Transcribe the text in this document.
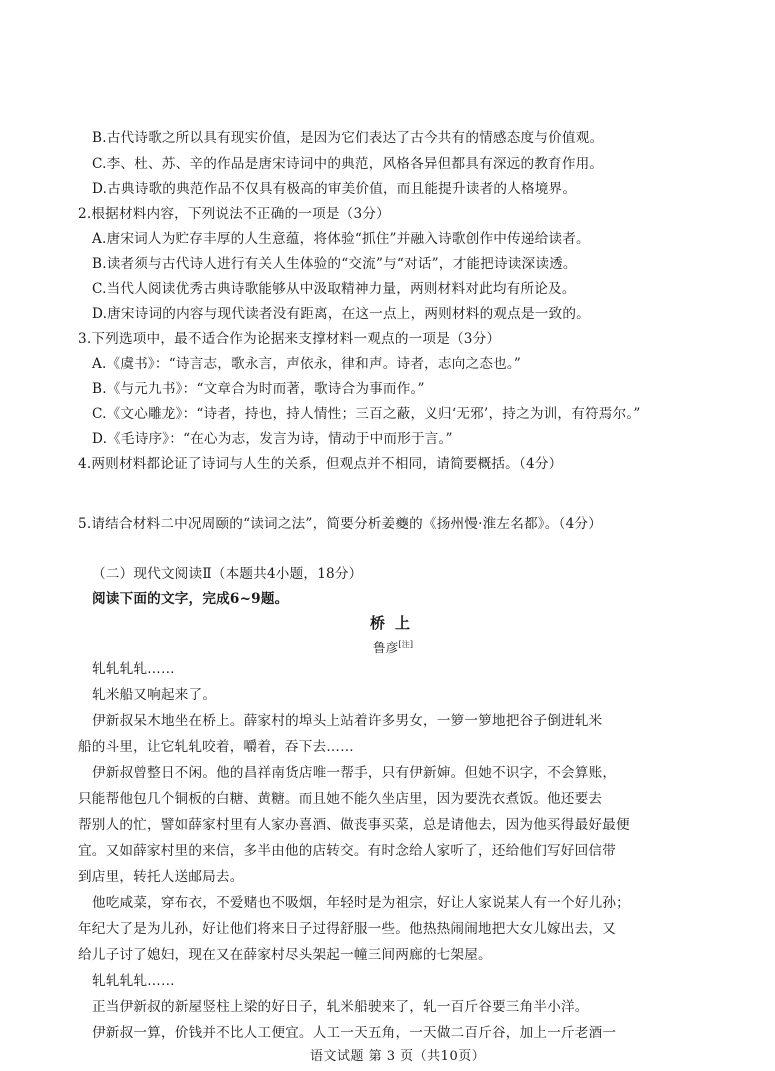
B.古代诗歌之所以具有现实价值，是因为它们表达了古今共有的情感态度与价值观。
C.李、杜、苏、辛的作品是唐宋诗词中的典范，风格各异但都具有深远的教育作用。
D.古典诗歌的典范作品不仅具有极高的审美价值，而且能提升读者的人格境界。
2.根据材料内容，下列说法不正确的一项是（3分）
A.唐宋词人为贮存丰厚的人生意蕴，将体验“抓住”并融入诗歌创作中传递给读者。
B.读者须与古代诗人进行有关人生体验的“交流”与“对话”，才能把诗读深读透。
C.当代人阅读优秀古典诗歌能够从中汲取精神力量，两则材料对此均有所论及。
D.唐宋诗词的内容与现代读者没有距离，在这一点上，两则材料的观点是一致的。
3.下列选项中，最不适合作为论据来支撑材料一观点的一项是（3分）
A.《虞书》：“诗言志，歌永言，声依永，律和声。诗者，志向之态也。”
B.《与元九书》：“文章合为时而著，歌诗合为事而作。”
C.《文心雕龙》：“诗者，持也，持人情性；三百之蔽，义归‘无邪’，持之为训，有符焉尔。”
D.《毛诗序》：“在心为志，发言为诗，情动于中而形于言。”
4.两则材料都论证了诗词与人生的关系，但观点并不相同，请简要概括。（4分）
5.请结合材料二中况周颐的“读词之法”，简要分析姜夔的《扬州慢·淮左名都》。（4分）
（二）现代文阅读Ⅱ（本题共4小题，18分）
阅读下面的文字，完成6~9题。
桥上
鲁彦[注]
轧轧轧轧……
轧米船又响起来了。
伊新叔呆木地坐在桥上。薛家村的埠头上站着许多男女，一箩一箩地把谷子倒进轧米
船的斗里，让它轧轧咬着，嚼着，吞下去……
伊新叔曾整日不闲。他的昌祥南货店唯一帮手，只有伊新婶。但她不识字，不会算账，
只能帮他包几个铜板的白糖、黄糖。而且她不能久坐店里，因为要洗衣煮饭。他还要去
帮别人的忙，譬如薛家村里有人家办喜酒、做丧事买菜，总是请他去，因为他买得最好最便
宜。又如薛家村里的来信，多半由他的店转交。有时念给人家听了，还给他们写好回信带
到店里，转托人送邮局去。
他吃咸菜，穿布衣，不爱赌也不吸烟，年轻时是为祖宗，好让人家说某人有一个好儿孙；
年纪大了是为儿孙，好让他们将来日子过得舒服一些。他热热闹闹地把大女儿嫁出去，又
给儿子讨了媳妇，现在又在薛家村尽头架起一幢三间两廊的七架屋。
轧轧轧轧……
正当伊新叔的新屋竖柱上梁的好日子，轧米船驶来了，轧一百斤谷要三角半小洋。
伊新叔一算，价钱并不比人工便宜。人工一天五角，一天做二百斤谷，加上一斤老酒一
语文试题 第 3 页（共10页）
